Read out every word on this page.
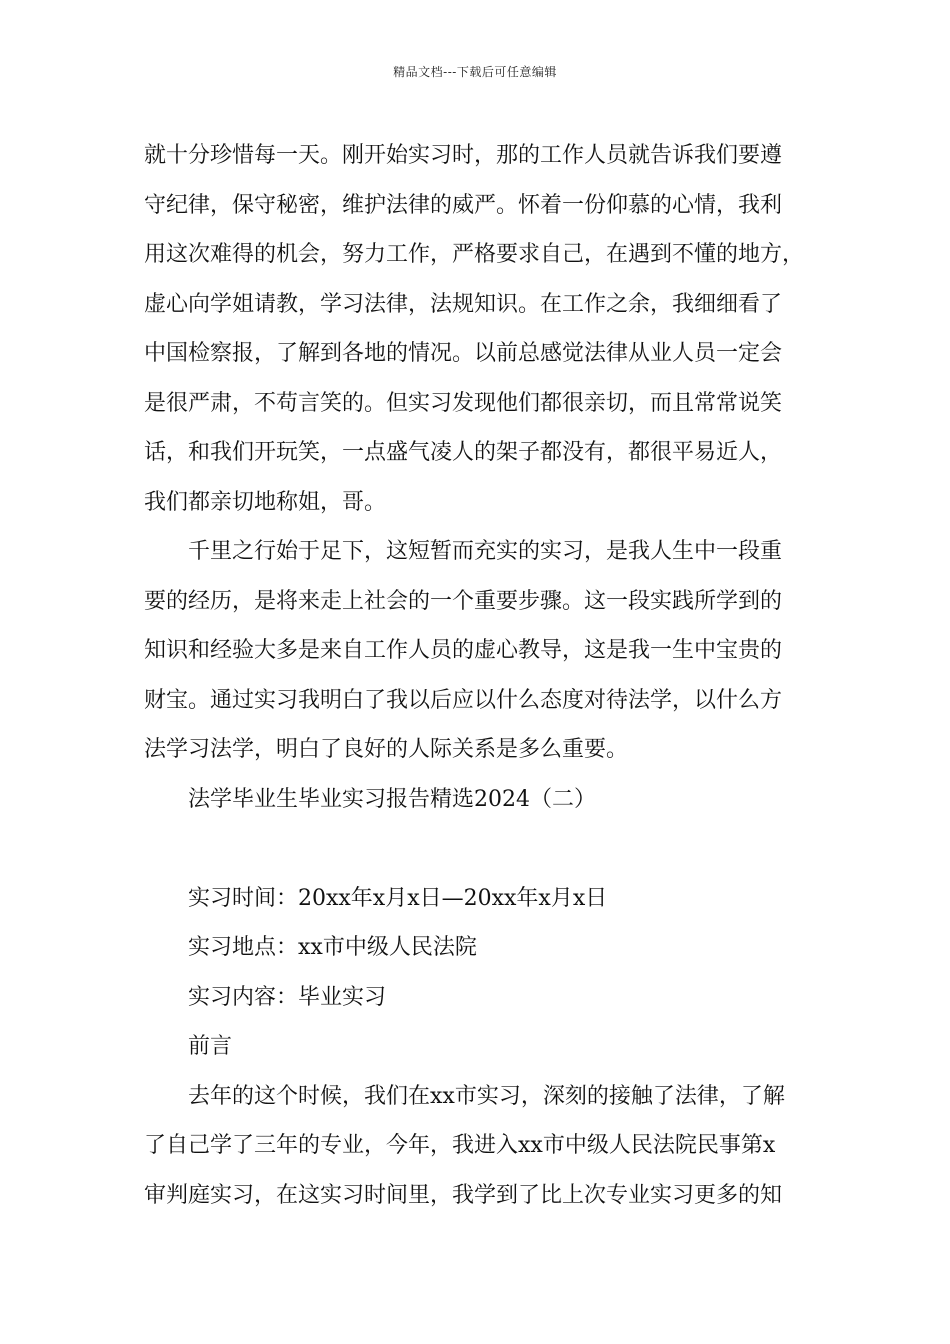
精品文档---下载后可任意编辑
就十分珍惜每一天。刚开始实习时，那的工作人员就告诉我们要遵
守纪律，保守秘密，维护法律的威严。怀着一份仰慕的心情，我利
用这次难得的机会，努力工作，严格要求自己，在遇到不懂的地方，
虚心向学姐请教，学习法律，法规知识。在工作之余，我细细看了
中国检察报，了解到各地的情况。以前总感觉法律从业人员一定会
是很严肃，不苟言笑的。但实习发现他们都很亲切，而且常常说笑
话，和我们开玩笑，一点盛气凌人的架子都没有，都很平易近人，
我们都亲切地称姐，哥。
千里之行始于足下，这短暂而充实的实习，是我人生中一段重
要的经历，是将来走上社会的一个重要步骤。这一段实践所学到的
知识和经验大多是来自工作人员的虚心教导，这是我一生中宝贵的
财宝。通过实习我明白了我以后应以什么态度对待法学，以什么方
法学习法学，明白了良好的人际关系是多么重要。
法学毕业生毕业实习报告精选2024（二）
实习时间：20xx年x月x日—20xx年x月x日
实习地点：xx市中级人民法院
实习内容：毕业实习
前言
去年的这个时候，我们在xx市实习，深刻的接触了法律，了解
了自己学了三年的专业，今年，我进入xx市中级人民法院民事第x
审判庭实习，在这实习时间里，我学到了比上次专业实习更多的知
